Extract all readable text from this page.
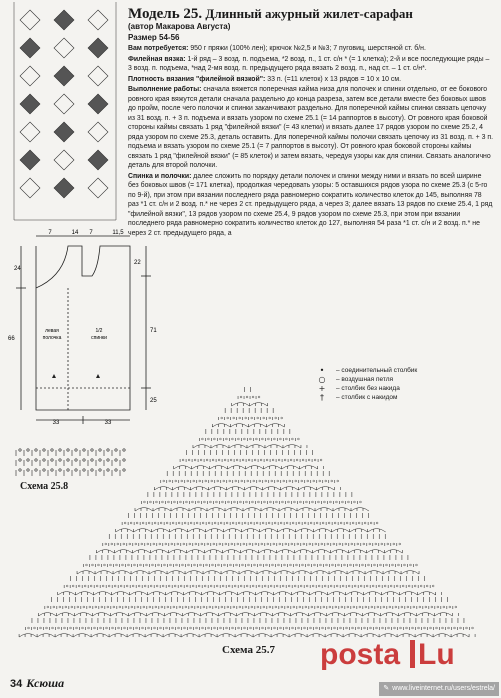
7	14 7	11,5
24
66
22
71
25
левая
полочка
1/2
спинки
33	33
Модель 25. Длинный ажурный жилет-сарафан
(автор Макарова Августа)
Размер 54-56

Вам потребуется: 950 г пряжи (100% лен); крючок №2,5 и №3; 7 пуговиц, шерстяной ст. б/н.

Филейная вязка: 1-й ряд – 3 возд. п. подъема, *2 возд. п., 1 ст. с/н * (= 1 клетка); 2-й и все последующие ряды – 3 возд. п. подъема, *над 2-мя возд. п. предыдущего ряда вязать 2 возд. п., над ст. – 1 ст. с/н*.

Плотность вязания "филейной вязкой": 33 п. (=11 клеток) х 13 рядов = 10 х 10 см.

Выполнение работы: сначала вяжется поперечная кайма низа для полочек и спинки отдельно, от ее бокового ровного края вяжутся детали сначала раздельно до конца разреза, затем все детали вместе без боковых швов до пройм, после чего полочки и спинки заканчивают раздельно. Для поперечной каймы спинки связать цепочку из 31 возд. п. + 3 п. подъема и вязать узором по схеме 25.1 (= 14 раппортов в высоту). От ровного края боковой стороны каймы связать 1 ряд "филейной вязки" (= 43 клетки) и вязать далее 17 рядов узором по схеме 25.2, 4 ряда узором по схеме 25.3, деталь оставить. Для поперечной каймы полочки связать цепочку из 31 возд. п. + 3 п. подъема и вязать узором по схеме 25.1 (= 7 раппортов в высоту). От ровного края боковой стороны каймы связать 1 ряд "филейной вязки" (= 85 клеток) и затем вязать, чередуя узоры как для спинки. Связать аналогично деталь для второй полочки.

Спинка и полочки: далее сложить по порядку детали полочек и спинки между ними и вязать по всей ширине без боковых швов (= 171 клетка), продолжая чередовать узоры: 5 оставшихся рядов узора по схеме 25.3 (с 5-го по 9-й), при этом при вязании последнего ряда равномерно сократить количество клеток до 145, выполняя 78 раз *1 ст. с/н и 2 возд. п.* не через 2 ст. предыдущего ряда, а через 3; далее вязать 13 рядов по схеме 25.4, 1 ряд "филейной вязки", 13 рядов узором по схеме 25.4, 9 рядов узором по схеме 25.3, при этом при вязании последнего ряда равномерно сократить количество клеток до 127, выполняя 54 раза *1 ст. с/н и 2 возд. п.* не через 2 ст. предыдущего ряда, а

•	– соединительный столбик
○	– воздушная петля
+	– столбик без накида
†	– столбик с накидом
Схема 25.8
Схема 25.7 posta Lu
34 Ксюша	✎ www.liveinternet.ru/users/estrela/
